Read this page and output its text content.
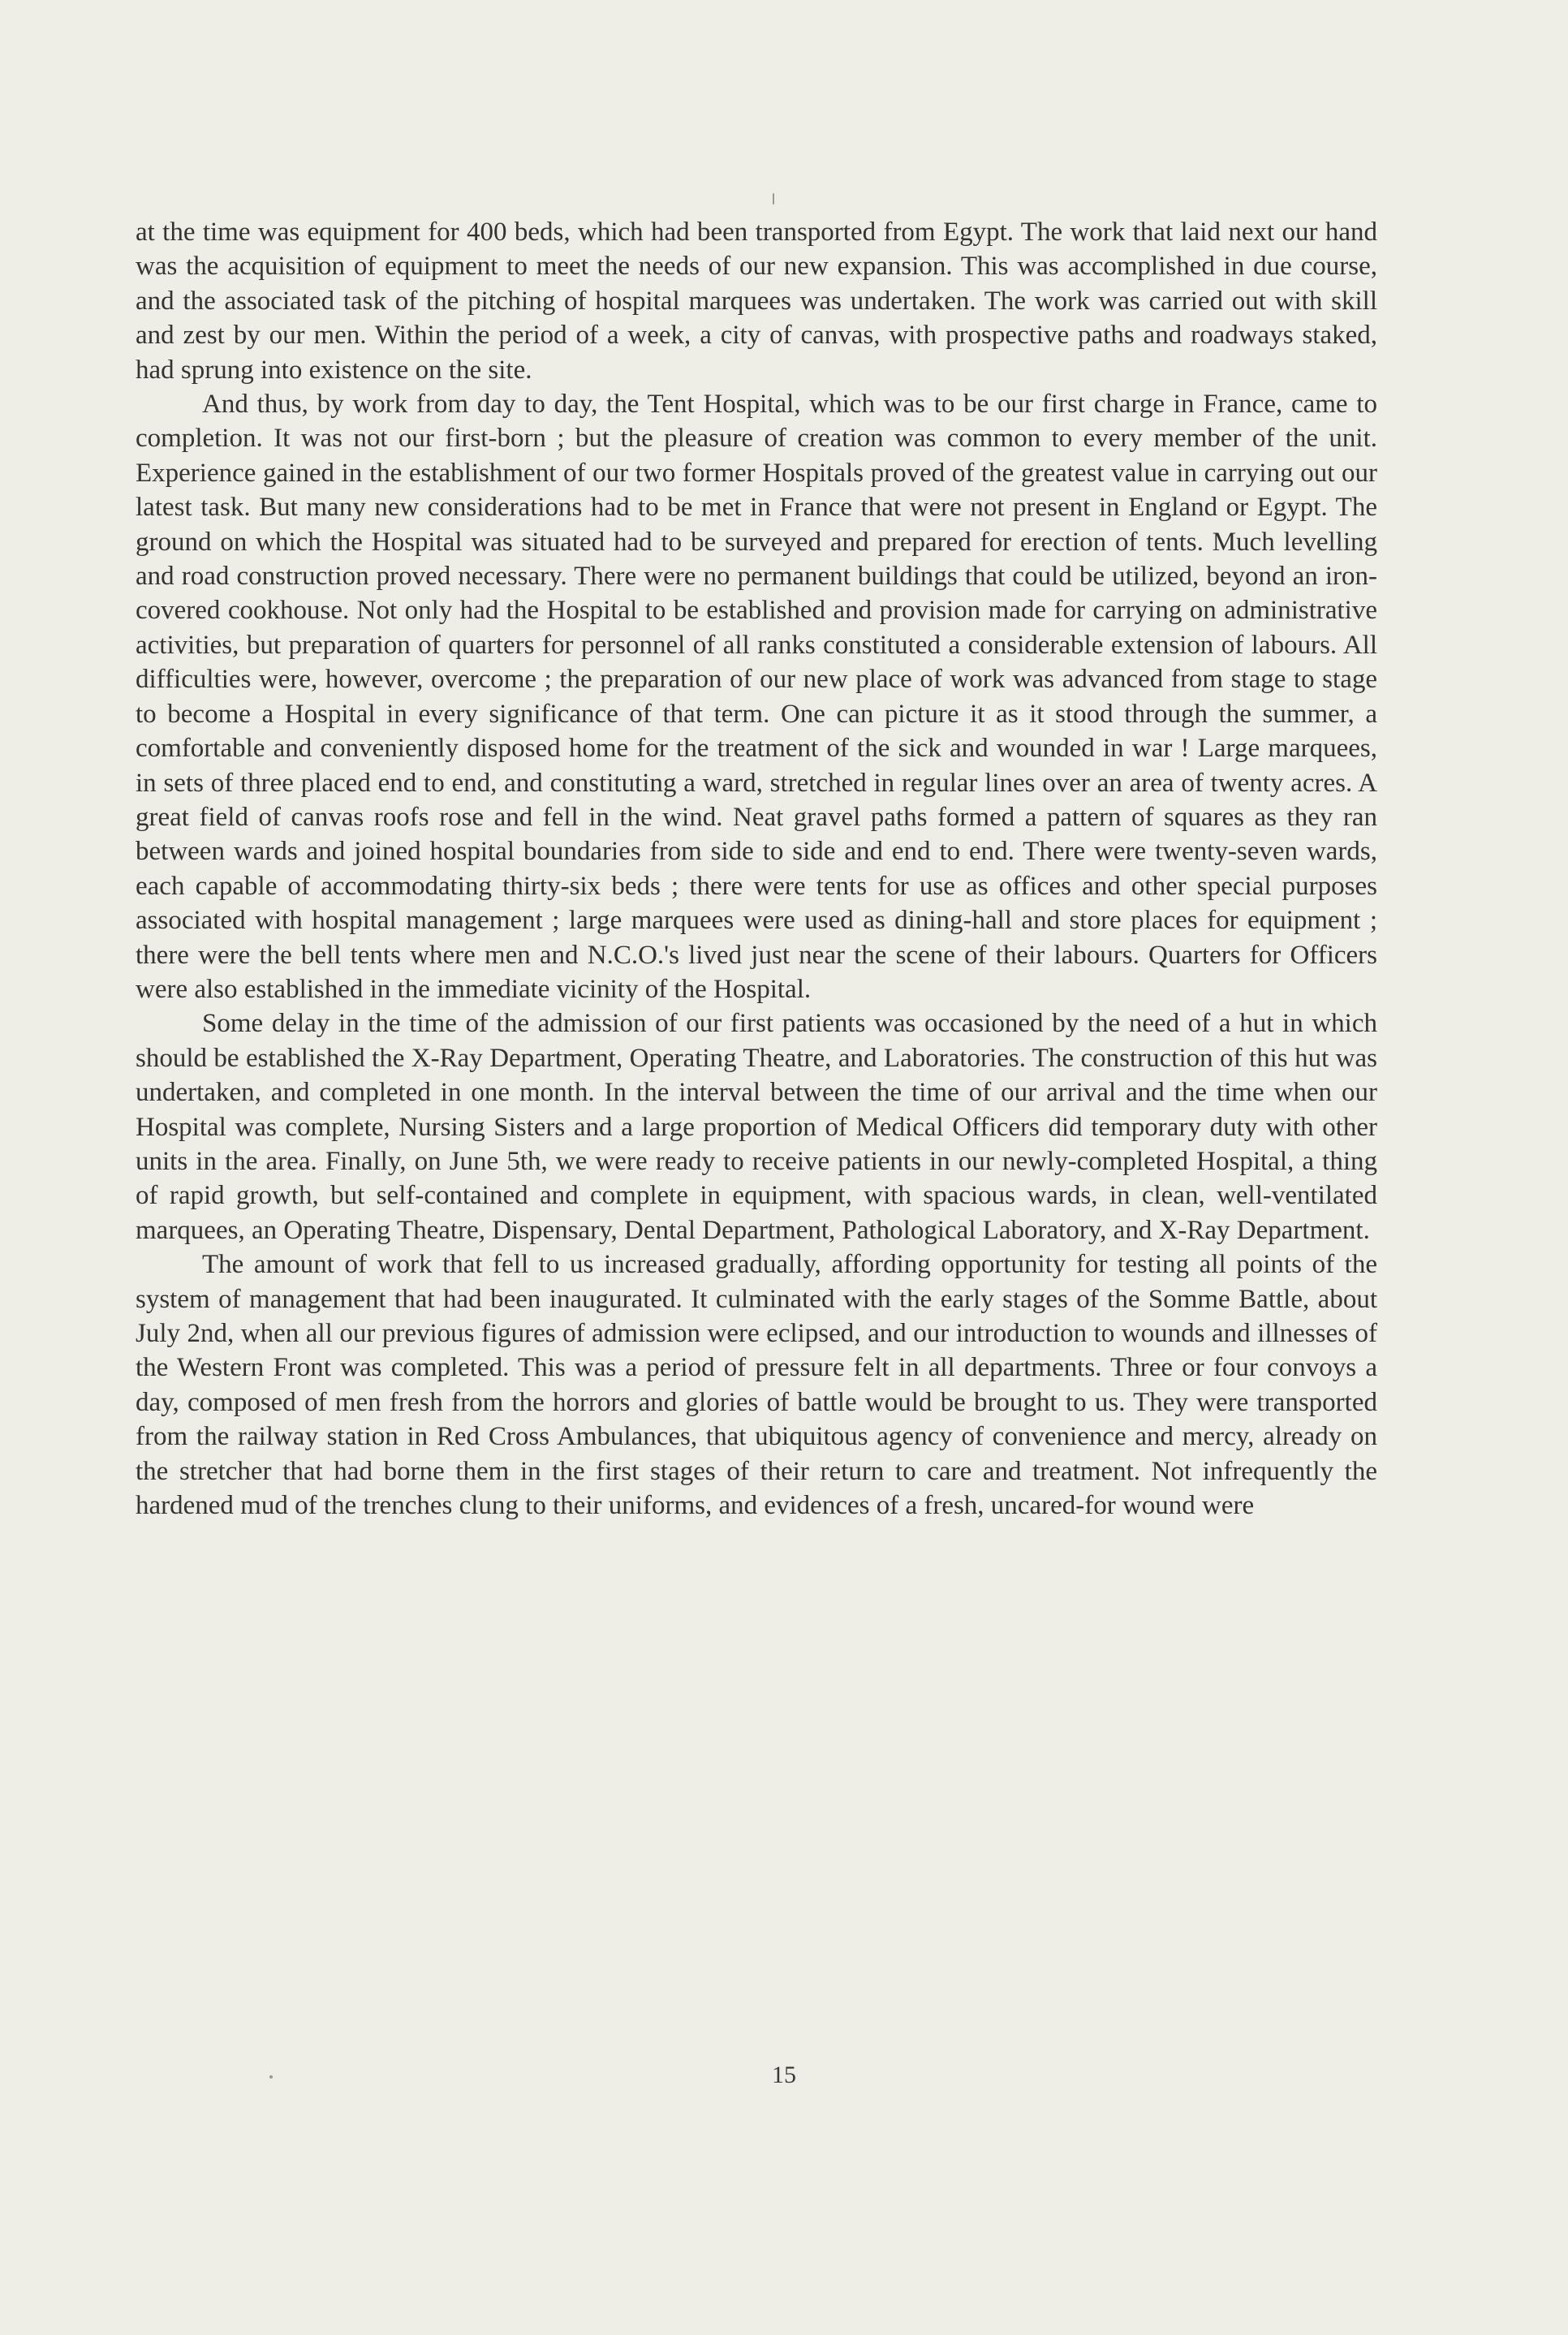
at the time was equipment for 400 beds, which had been transported from Egypt. The work that laid next our hand was the acquisition of equipment to meet the needs of our new expansion. This was accomplished in due course, and the associated task of the pitching of hospital marquees was undertaken. The work was carried out with skill and zest by our men. Within the period of a week, a city of canvas, with prospective paths and roadways staked, had sprung into existence on the site.

And thus, by work from day to day, the Tent Hospital, which was to be our first charge in France, came to completion. It was not our first-born ; but the pleasure of creation was common to every member of the unit. Experience gained in the establishment of our two former Hospitals proved of the greatest value in carrying out our latest task. But many new considerations had to be met in France that were not present in England or Egypt. The ground on which the Hospital was situated had to be surveyed and prepared for erection of tents. Much levelling and road construction proved necessary. There were no permanent buildings that could be utilized, beyond an iron-covered cookhouse. Not only had the Hospital to be established and provision made for carrying on administrative activities, but preparation of quarters for personnel of all ranks constituted a considerable extension of labours. All difficulties were, however, overcome ; the preparation of our new place of work was advanced from stage to stage to become a Hospital in every significance of that term. One can picture it as it stood through the summer, a comfortable and conveniently disposed home for the treatment of the sick and wounded in war ! Large marquees, in sets of three placed end to end, and constituting a ward, stretched in regular lines over an area of twenty acres. A great field of canvas roofs rose and fell in the wind. Neat gravel paths formed a pattern of squares as they ran between wards and joined hospital boundaries from side to side and end to end. There were twenty-seven wards, each capable of accommodating thirty-six beds ; there were tents for use as offices and other special purposes associated with hospital management ; large marquees were used as dining-hall and store places for equipment ; there were the bell tents where men and N.C.O.'s lived just near the scene of their labours. Quarters for Officers were also established in the immediate vicinity of the Hospital.

Some delay in the time of the admission of our first patients was occasioned by the need of a hut in which should be established the X-Ray Department, Operating Theatre, and Laboratories. The construction of this hut was undertaken, and completed in one month. In the interval between the time of our arrival and the time when our Hospital was complete, Nursing Sisters and a large proportion of Medical Officers did temporary duty with other units in the area. Finally, on June 5th, we were ready to receive patients in our newly-completed Hospital, a thing of rapid growth, but self-contained and complete in equipment, with spacious wards, in clean, well-ventilated marquees, an Operating Theatre, Dispensary, Dental Department, Pathological Laboratory, and X-Ray Department.

The amount of work that fell to us increased gradually, affording opportunity for testing all points of the system of management that had been inaugurated. It culminated with the early stages of the Somme Battle, about July 2nd, when all our previous figures of admission were eclipsed, and our introduction to wounds and illnesses of the Western Front was completed. This was a period of pressure felt in all departments. Three or four convoys a day, composed of men fresh from the horrors and glories of battle would be brought to us. They were transported from the railway station in Red Cross Ambulances, that ubiquitous agency of convenience and mercy, already on the stretcher that had borne them in the first stages of their return to care and treatment. Not infrequently the hardened mud of the trenches clung to their uniforms, and evidences of a fresh, uncared-for wound were

15
